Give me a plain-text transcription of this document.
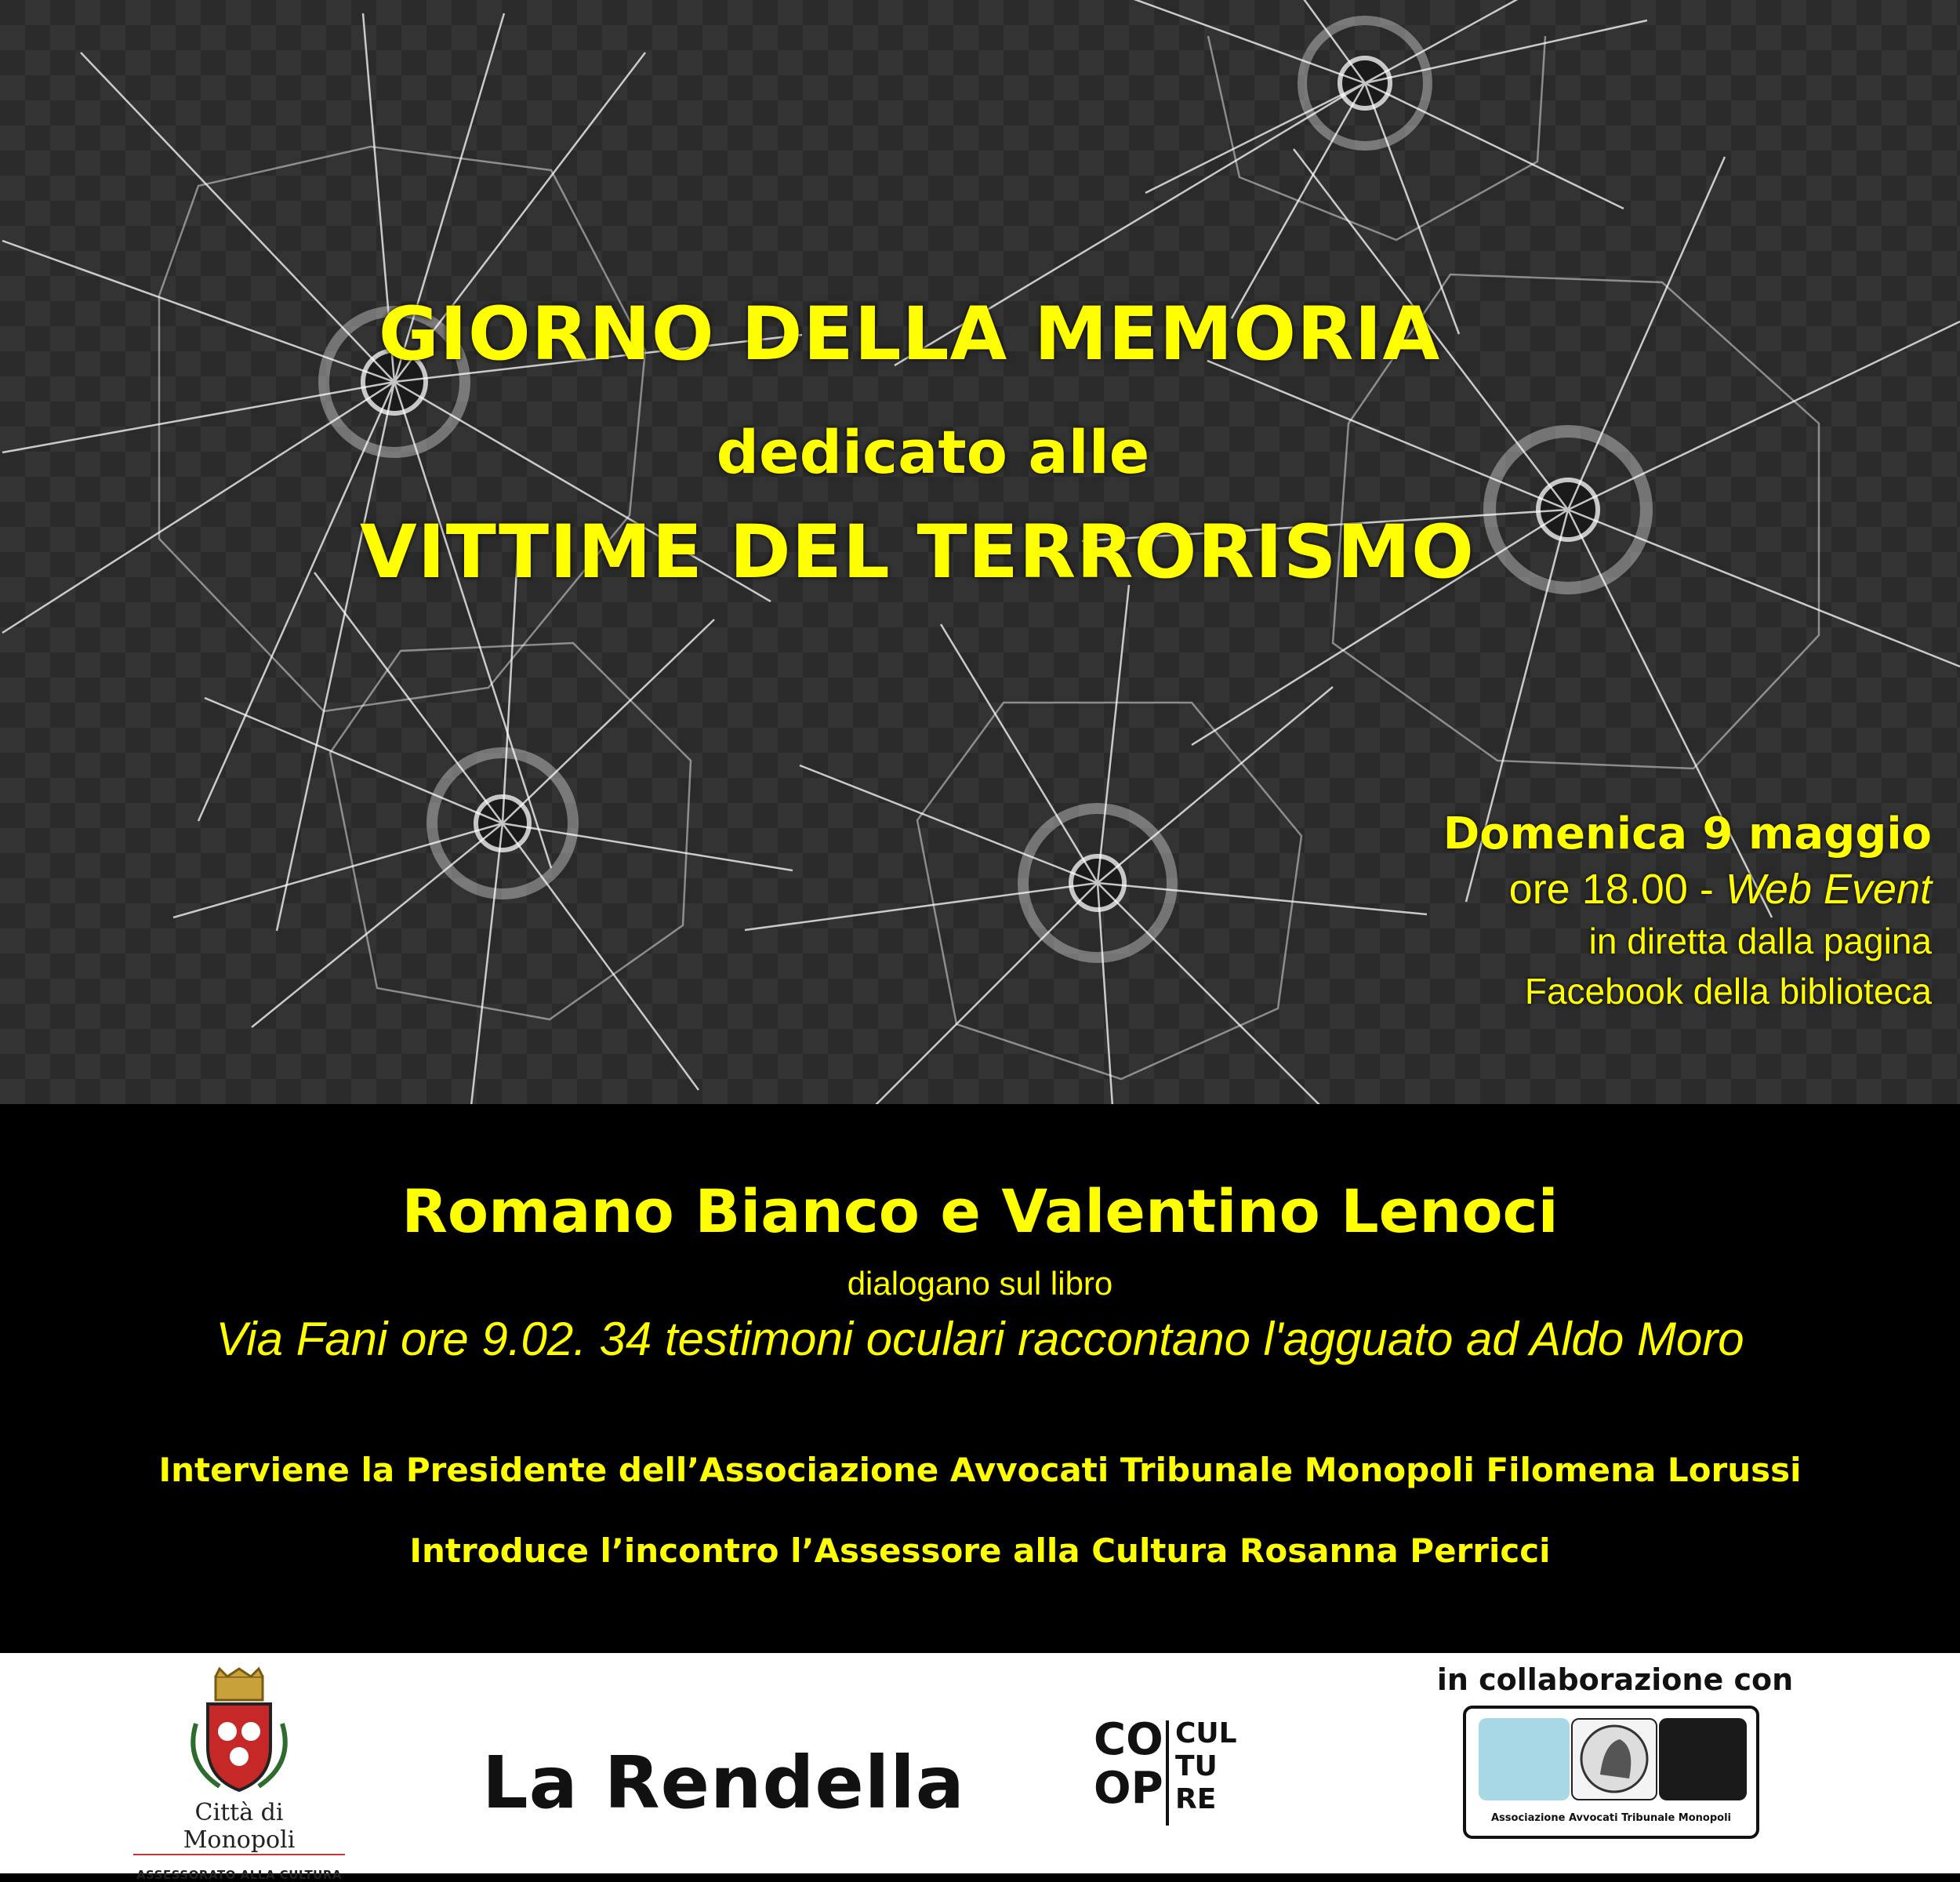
GIORNO DELLA MEMORIA
dedicato alle
VITTIME DEL TERRORISMO
Domenica 9 maggio
ore 18.00 - Web Event
in diretta dalla pagina
Facebook della biblioteca
Romano Bianco e Valentino Lenoci
dialogano sul libro
Via Fani ore 9.02. 34 testimoni oculari raccontano l'agguato ad Aldo Moro
Interviene la Presidente dell’Associazione Avvocati Tribunale Monopoli Filomena Lorussi
Introduce l’incontro l’Assessore alla Cultura Rosanna Perricci
Città di Monopoli
ASSESSORATO ALLA CULTURA
La Rendella
CO
OP
CUL
TU
RE
in collaborazione con
Associazione Avvocati Tribunale Monopoli
